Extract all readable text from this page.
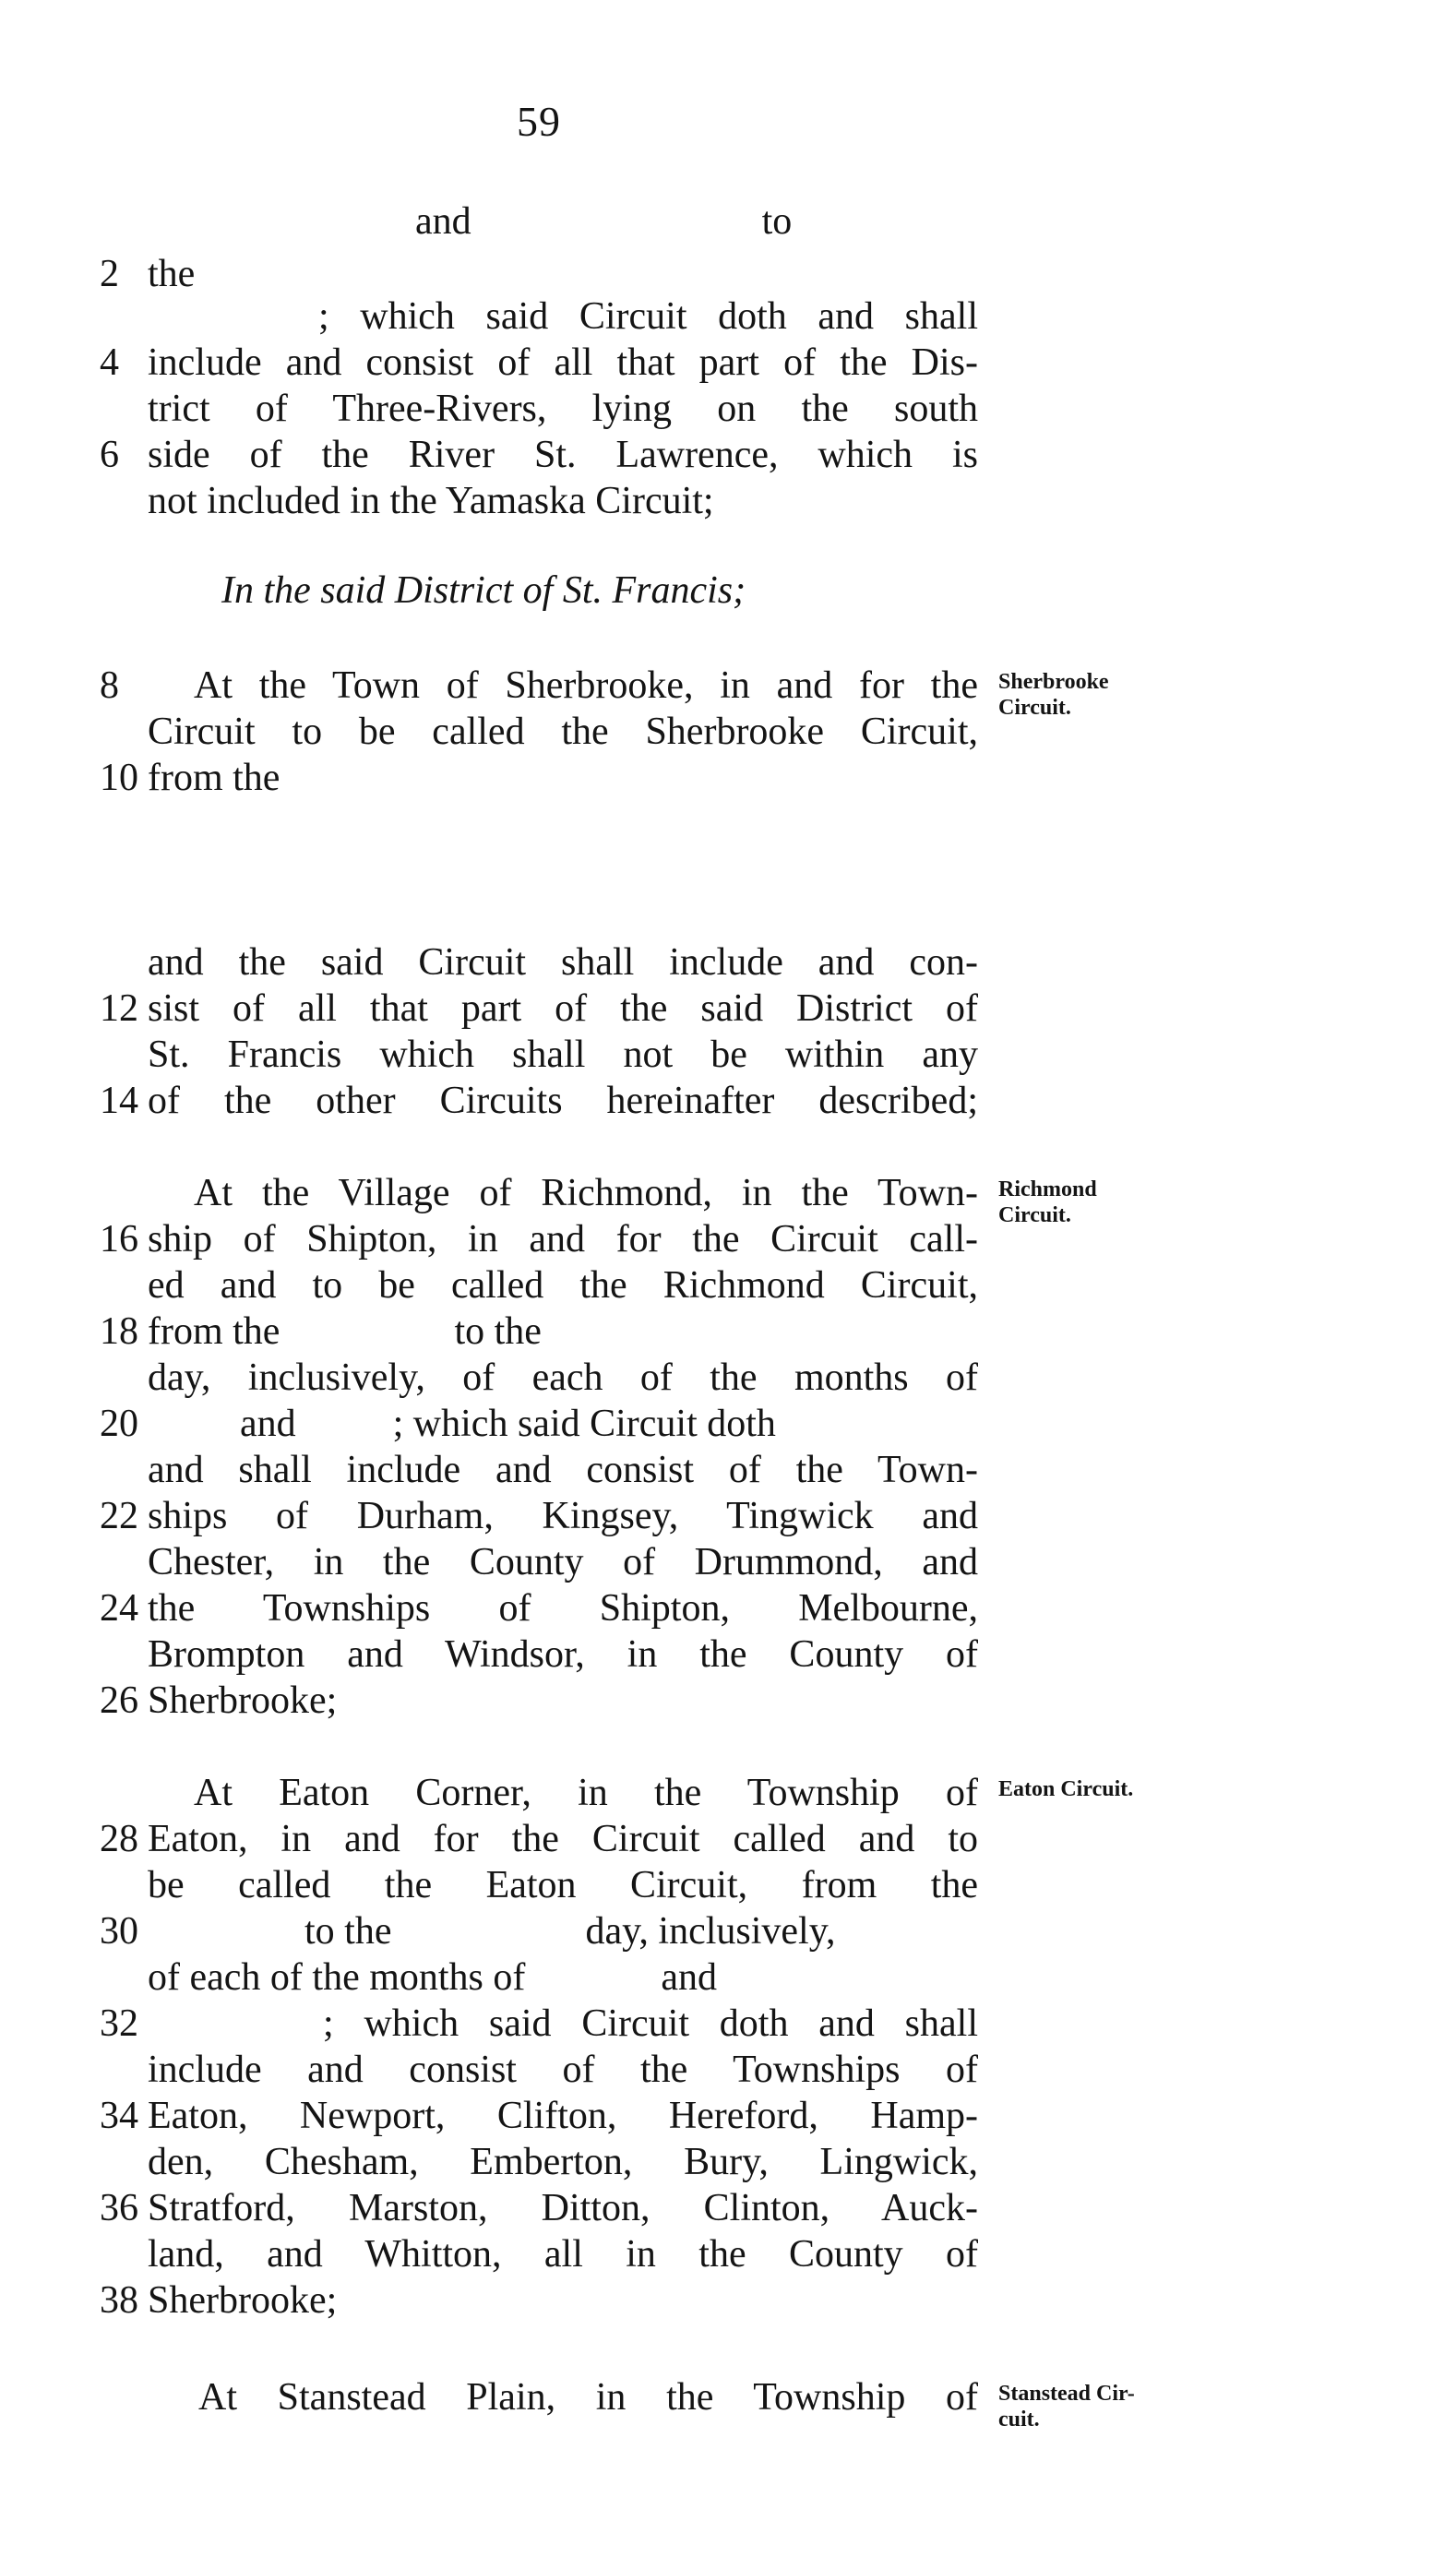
59
and                              to
2 the
; which said Circuit doth and shall
4 include and consist of all that part of the Dis-
trict of Three-Rivers, lying on the south
6 side of the River St. Lawrence, which is
not included in the Yamaska Circuit;
8	At the Town of Sherbrooke, in and for the
Circuit to be called the Sherbrooke Circuit,
10 from the
and the said Circuit shall include and con-
12 sist of all that part of the said District of
St. Francis which shall not be within any
14 of the other Circuits hereinafter described;
At the Village of Richmond, in the Town-
16 ship of Shipton, in and for the Circuit call-
ed and to be called the Richmond Circuit,
18 from the                  to the
day, inclusively, of each of the months of
20	and          ; which said Circuit doth
and shall include and consist of the Town-
22 ships of Durham, Kingsey, Tingwick and
Chester, in the County of Drummond, and
24 the Townships of Shipton, Melbourne,
Brompton and Windsor, in the County of
26 Sherbrooke;
At Eaton Corner, in the Township of
28 Eaton, in and for the Circuit called and to
be called the Eaton Circuit, from the
30	to the                    day, inclusively,
of each of the months of              and
32	; which said Circuit doth and shall
include and consist of the Townships of
34 Eaton, Newport, Clifton, Hereford, Hamp-
den, Chesham, Emberton, Bury, Lingwick,
36 Stratford, Marston, Ditton, Clinton, Auck-
land, and Whitton, all in the County of
38 Sherbrooke;
At Stanstead Plain, in the Township of
In the said District of St. Francis;
Sherbrooke
Circuit.
Richmond
Circuit.
Eaton Circuit.
Stanstead Cir-
cuit.
